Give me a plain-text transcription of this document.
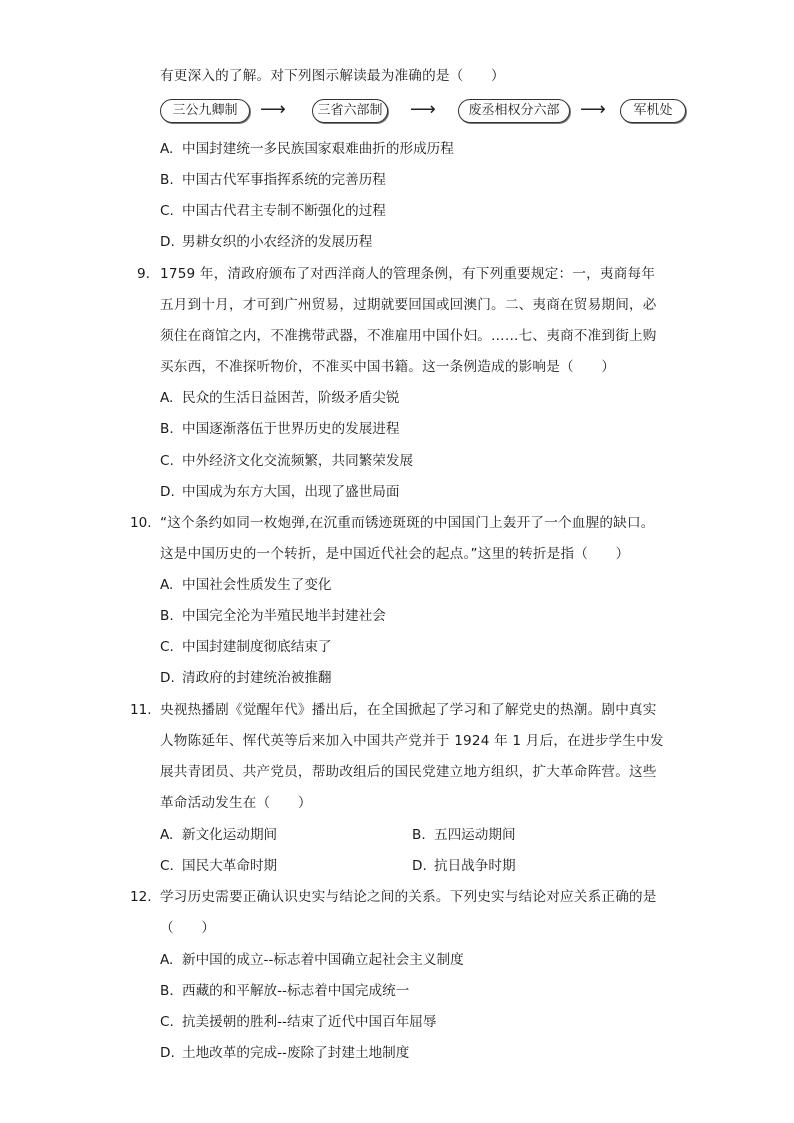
有更深入的了解。对下列图示解读最为准确的是（　　）
三公九卿制	⟶	三省六部制	⟶	废丞相权分六部	⟶	军机处
A. 中国封建统一多民族国家艰难曲折的形成历程
B. 中国古代军事指挥系统的完善历程
C. 中国古代君主专制不断强化的过程
D. 男耕女织的小农经济的发展历程
9. 1759 年，清政府颁布了对西洋商人的管理条例，有下列重要规定：一，夷商每年
五月到十月，才可到广州贸易，过期就要回国或回澳门。二、夷商在贸易期间，必
须住在商馆之内，不准携带武器，不准雇用中国仆妇。……七、夷商不准到街上购
买东西，不准探听物价，不准买中国书籍。这一条例造成的影响是（　　）
A. 民众的生活日益困苦，阶级矛盾尖锐
B. 中国逐渐落伍于世界历史的发展进程
C. 中外经济文化交流频繁，共同繁荣发展
D. 中国成为东方大国，出现了盛世局面
10. “这个条约如同一枚炮弹,在沉重而锈迹斑斑的中国国门上轰开了一个血腥的缺口。
这是中国历史的一个转折，是中国近代社会的起点。”这里的转折是指（　　）
A. 中国社会性质发生了变化
B. 中国完全沦为半殖民地半封建社会
C. 中国封建制度彻底结束了
D. 清政府的封建统治被推翻
11. 央视热播剧《觉醒年代》播出后，在全国掀起了学习和了解党史的热潮。剧中真实
人物陈延年、恽代英等后来加入中国共产党并于 1924 年 1 月后，在进步学生中发
展共青团员、共产党员，帮助改组后的国民党建立地方组织，扩大革命阵营。这些
革命活动发生在（　　）
A. 新文化运动期间	B. 五四运动期间
C. 国民大革命时期	D. 抗日战争时期
12. 学习历史需要正确认识史实与结论之间的关系。下列史实与结论对应关系正确的是
（　　）
A. 新中国的成立--标志着中国确立起社会主义制度
B. 西藏的和平解放--标志着中国完成统一
C. 抗美援朝的胜利--结束了近代中国百年屈辱
D. 土地改革的完成--废除了封建土地制度
